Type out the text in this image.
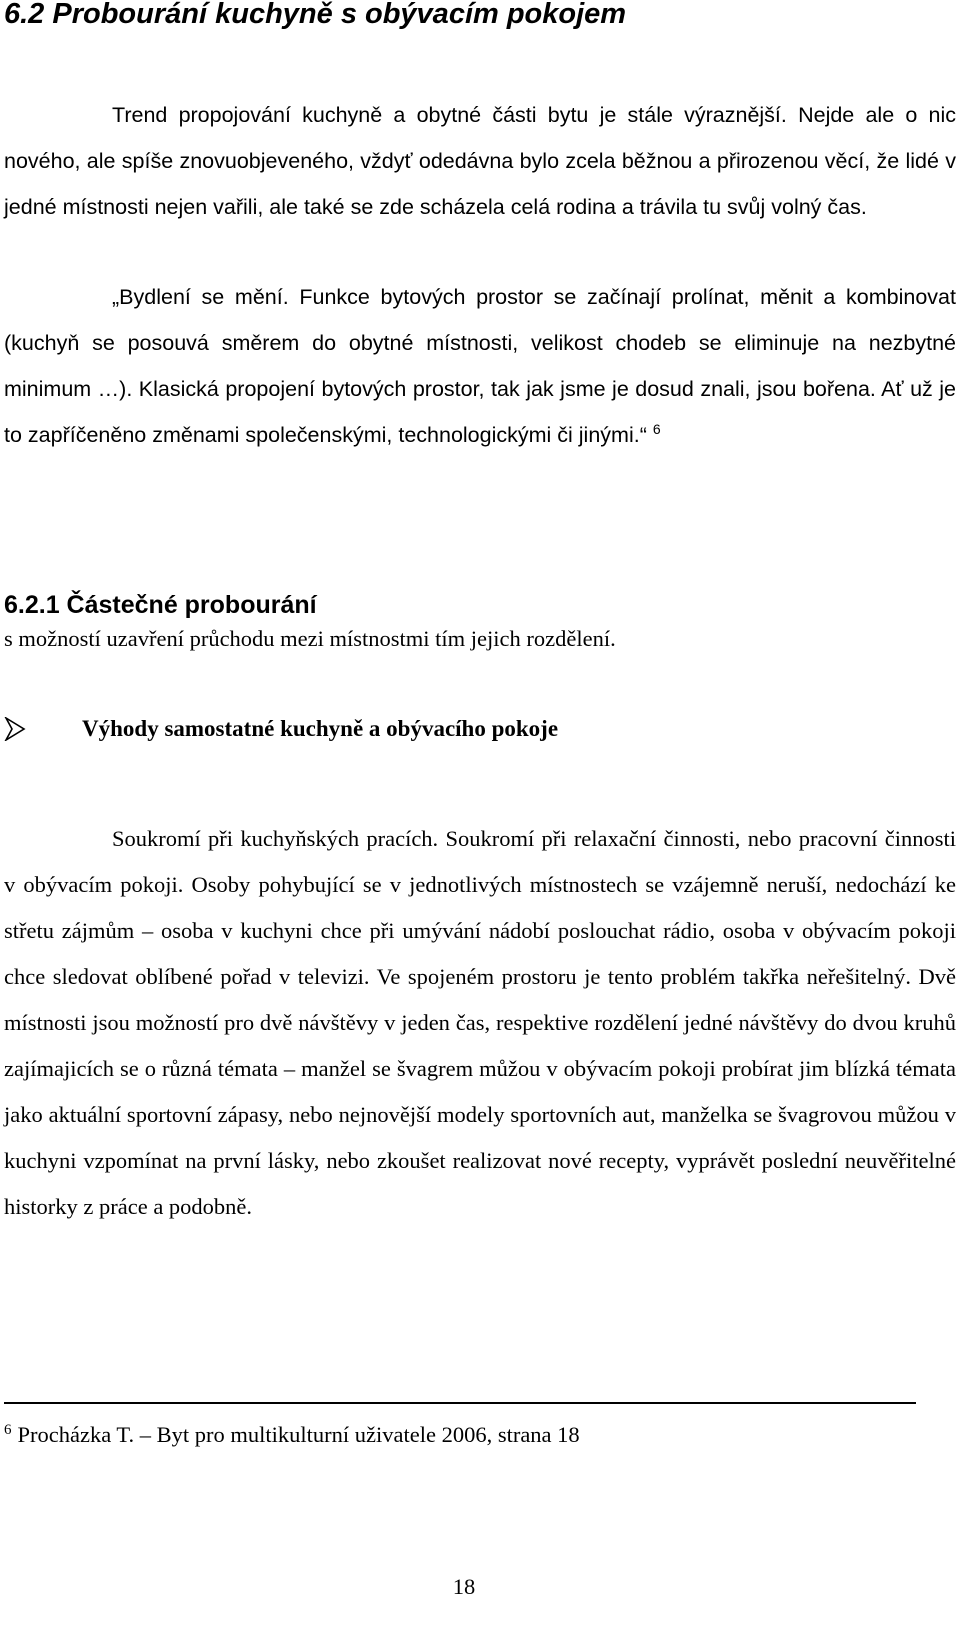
6.2 Probourání kuchyně s obývacím pokojem

Trend propojování kuchyně a obytné části bytu je stále výraznější. Nejde ale o nic nového, ale spíše znovuobjeveného, vždyť odedávna bylo zcela běžnou a přirozenou věcí, že lidé v jedné místnosti nejen vařili, ale také se zde scházela celá rodina a trávila tu svůj volný čas.

„Bydlení se mění. Funkce bytových prostor se začínají prolínat, měnit a kombinovat (kuchyň se posouvá směrem do obytné místnosti, velikost chodeb se eliminuje na nezbytné minimum …). Klasická propojení bytových prostor, tak jak jsme je dosud znali, jsou bořena. Ať už je to zapříčeněno změnami společenskými, technologickými či jinými.“ $^6$

6.2.1 Částečné probourání

s možností uzavření průchodu mezi místnostmi tím jejich rozdělení.

Výhody samostatné kuchyně a obývacího pokoje

Soukromí při kuchyňských pracích. Soukromí při relaxační činnosti, nebo pracovní činnosti v obývacím pokoji. Osoby pohybující se v jednotlivých místnostech se vzájemně neruší, nedochází ke střetu zájmům – osoba v kuchyni chce při umývání nádobí poslouchat rádio, osoba v obývacím pokoji chce sledovat oblíbené pořad v televizi. Ve spojeném prostoru je tento problém takřka neřešitelný. Dvě místnosti jsou možností pro dvě návštěvy v jeden čas, respektive rozdělení jedné návštěvy do dvou kruhů zajímajicích se o různá témata – manžel se švagrem můžou v obývacím pokoji probírat jim blízká témata jako aktuální sportovní zápasy, nebo nejnovější modely sportovních aut, manželka se švagrovou můžou v kuchyni vzpomínat na první lásky, nebo zkoušet realizovat nové recepty, vyprávět poslední neuvěřitelné historky z práce a podobně.

$^6$ Procházka T. – Byt pro multikulturní uživatele 2006, strana 18

18
